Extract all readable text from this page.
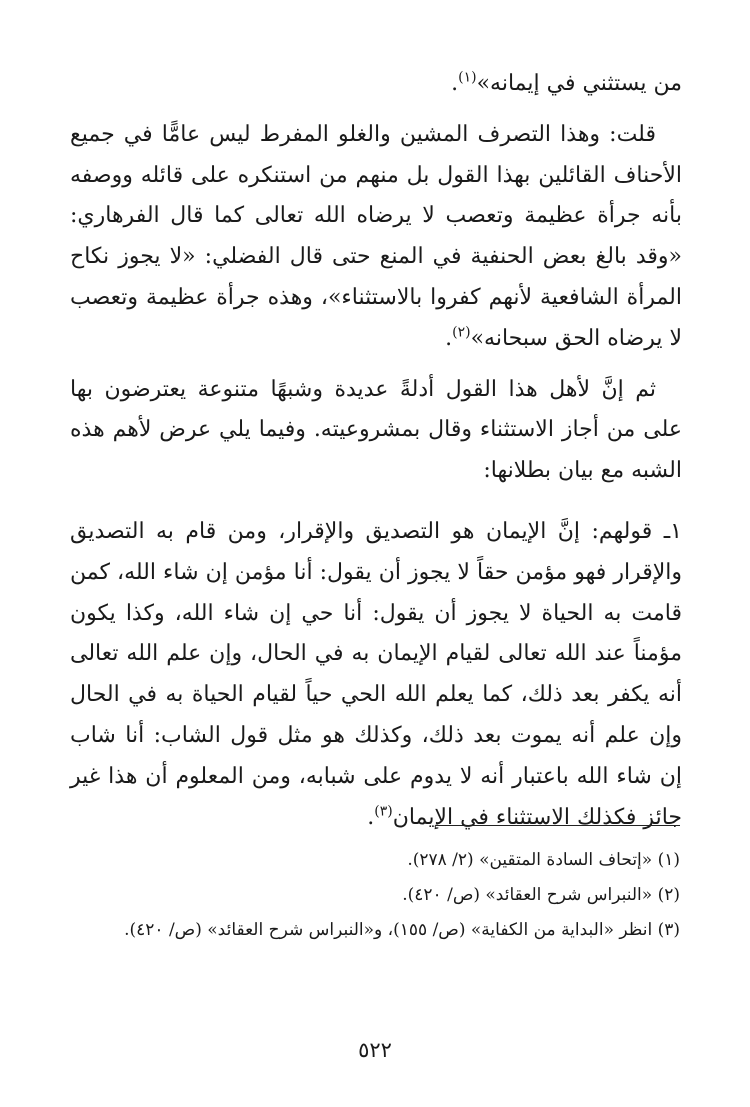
من يستثني في إيمانه»$^{(١)}$.

قلت: وهذا التصرف المشين والغلو المفرط ليس عامًّا في جميع الأحناف القائلين بهذا القول بل منهم من استنكره على قائله ووصفه بأنه جرأة عظيمة وتعصب لا يرضاه الله تعالى كما قال الفرهاري: «وقد بالغ بعض الحنفية في المنع حتى قال الفضلي: «لا يجوز نكاح المرأة الشافعية لأنهم كفروا بالاستثناء»، وهذه جرأة عظيمة وتعصب لا يرضاه الحق سبحانه»$^{(٢)}$.

ثم إنَّ لأهل هذا القول أدلةً عديدة وشبهًا متنوعة يعترضون بها على من أجاز الاستثناء وقال بمشروعيته. وفيما يلي عرض لأهم هذه الشبه مع بيان بطلانها:

١ـ قولهم: إنَّ الإيمان هو التصديق والإقرار، ومن قام به التصديق والإقرار فهو مؤمن حقاً لا يجوز أن يقول: أنا مؤمن إن شاء الله، كمن قامت به الحياة لا يجوز أن يقول: أنا حي إن شاء الله، وكذا يكون مؤمناً عند الله تعالى لقيام الإيمان به في الحال، وإن علم الله تعالى أنه يكفر بعد ذلك، كما يعلم الله الحي حياً لقيام الحياة به في الحال وإن علم أنه يموت بعد ذلك، وكذلك هو مثل قول الشاب: أنا شاب إن شاء الله باعتبار أنه لا يدوم على شبابه، ومن المعلوم أن هذا غير جائز فكذلك الاستثناء في الإيمان$^{(٣)}$.

(١) «إتحاف السادة المتقين» (٢/ ٢٧٨).

(٢) «النبراس شرح العقائد» (ص/ ٤٢٠).

(٣) انظر «البداية من الكفاية» (ص/ ١٥٥)، و«النبراس شرح العقائد» (ص/ ٤٢٠).

٥٢٢
